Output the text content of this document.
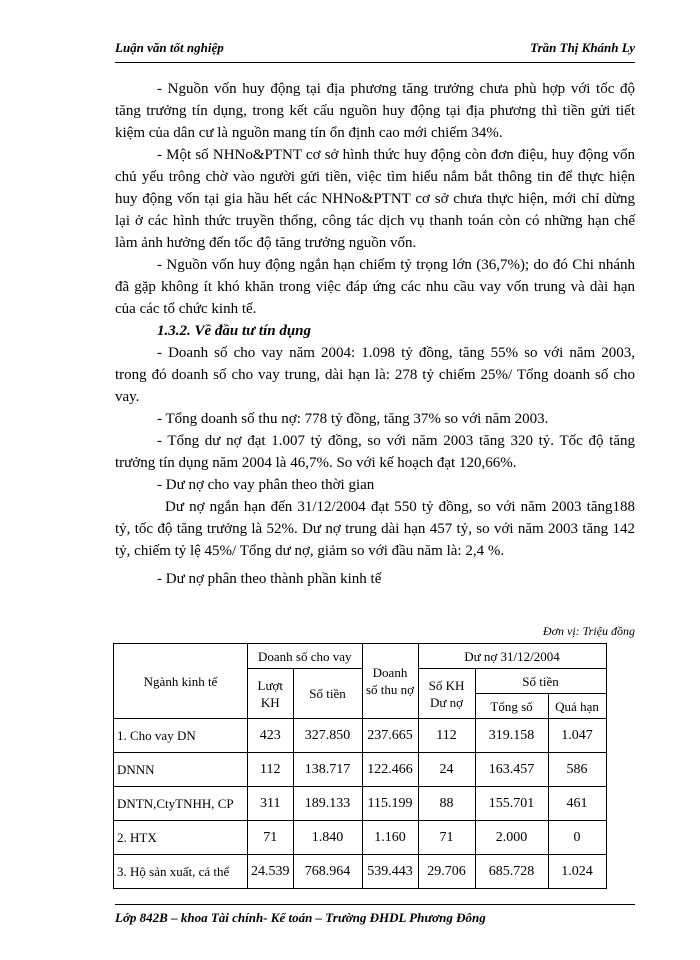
Luận văn tốt nghiệp	Trần Thị Khánh Ly

- Nguồn vốn huy động tại địa phương tăng trưởng chưa phù hợp với tốc độ tăng trưởng tín dụng, trong kết cấu nguồn huy động tại địa phương thì tiền gửi tiết kiệm của dân cư là nguồn mang tín ổn định cao mới chiếm 34%.

- Một số NHNo&PTNT cơ sở hình thức huy động còn đơn điệu, huy động vốn chủ yếu trông chờ vào người gửi tiền, việc tìm hiểu nắm bắt thông tin để thực hiện huy động vốn tại gia hầu hết các NHNo&PTNT cơ sở chưa thực hiện, mới chỉ dừng lại ở các hình thức truyền thống, công tác dịch vụ thanh toán còn có những hạn chế làm ảnh hưởng đến tốc độ tăng trưởng nguồn vốn.

- Nguồn vốn huy động ngắn hạn chiếm tỷ trọng lớn (36,7%); do đó Chi nhánh đã gặp không ít khó khăn trong việc đáp ứng các nhu cầu vay vốn trung và dài hạn của các tổ chức kinh tế.

1.3.2. Về đầu tư tín dụng

- Doanh số cho vay năm 2004: 1.098 tỷ đồng, tăng 55% so với năm 2003, trong đó doanh số cho vay trung, dài hạn là: 278 tỷ chiếm 25%/ Tổng doanh số cho vay.

- Tổng doanh số thu nợ: 778 tỷ đồng, tăng 37% so với năm 2003.

- Tổng dư nợ đạt 1.007 tỷ đồng, so với năm 2003 tăng 320 tỷ. Tốc độ tăng trưởng tín dụng năm 2004 là 46,7%. So với kế hoạch đạt 120,66%.

- Dư nợ cho vay phân theo thời gian

Dư nợ ngắn hạn đến 31/12/2004 đạt 550 tỷ đồng, so với năm 2003 tăng188 tỷ, tốc độ tăng trưởng là 52%. Dư nợ trung dài hạn 457 tỷ, so với năm 2003 tăng 142 tỷ, chiếm tỷ lệ 45%/ Tổng dư nợ, giảm so với đầu năm là: 2,4 %.

- Dư nợ phân theo thành phần kinh tế

Đơn vị: Triệu đồng
Ngành kinh tế	Doanh số cho vay		Doanh số thu nợ	Dư nợ 31/12/2004		
	Lượt KH	Số tiền		Số KH Dư nợ	Số tiền	
					Tổng số	Quá hạn
1. Cho vay DN	423	327.850	237.665	112	319.158	1.047
DNNN	112	138.717	122.466	24	163.457	586
DNTN,CtyTNHH, CP	311	189.133	115.199	88	155.701	461
2. HTX	71	1.840	1.160	71	2.000	0
3. Hộ sản xuất, cá thể	24.539	768.964	539.443	29.706	685.728	1.024
Lớp 842B – khoa Tài chính- Kế toán – Trường ĐHDL Phương Đông
